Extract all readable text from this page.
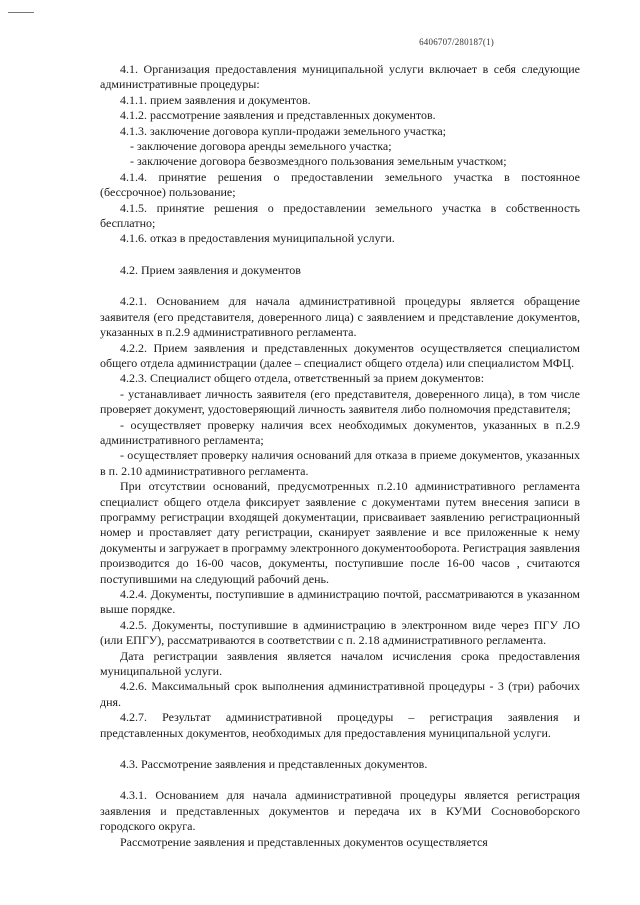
6406707/280187(1)

4.1. Организация предоставления муниципальной услуги включает в себя следующие административные процедуры:

4.1.1. прием заявления и документов.

4.1.2. рассмотрение заявления и представленных документов.

4.1.3. заключение договора купли-продажи земельного участка;

- заключение договора аренды земельного участка;

- заключение договора безвозмездного пользования земельным участком;

4.1.4. принятие решения о предоставлении земельного участка в постоянное (бессрочное) пользование;

4.1.5. принятие решения о предоставлении земельного участка в собственность бесплатно;

4.1.6. отказ в предоставления муниципальной услуги.

4.2. Прием заявления и документов

4.2.1. Основанием для начала административной процедуры является обращение заявителя (его представителя, доверенного лица) с заявлением и представление документов, указанных в п.2.9 административного регламента.

4.2.2. Прием заявления и представленных документов осуществляется специалистом общего отдела администрации (далее – специалист общего отдела) или специалистом МФЦ.

4.2.3. Специалист общего отдела, ответственный за прием документов:

- устанавливает личность заявителя (его представителя, доверенного лица), в том числе проверяет документ, удостоверяющий личность заявителя либо полномочия представителя;

- осуществляет проверку наличия всех необходимых документов, указанных в п.2.9 административного регламента;

- осуществляет проверку наличия оснований для отказа в приеме документов, указанных в п. 2.10 административного регламента.

При отсутствии оснований, предусмотренных п.2.10 административного регламента специалист общего отдела фиксирует заявление с документами путем внесения записи в программу регистрации входящей документации, присваивает заявлению регистрационный номер и проставляет дату регистрации, сканирует заявление и все приложенные к нему документы и загружает в программу электронного документооборота. Регистрация заявления производится до 16-00 часов, документы, поступившие после 16-00 часов , считаются поступившими на следующий рабочий день.

4.2.4. Документы, поступившие в администрацию почтой, рассматриваются в указанном выше порядке.

4.2.5. Документы, поступившие в администрацию в электронном виде через ПГУ ЛО (или ЕПГУ), рассматриваются в соответствии с п. 2.18 административного регламента.

Дата регистрации заявления является началом исчисления срока предоставления муниципальной услуги.

4.2.6. Максимальный срок выполнения административной процедуры - 3 (три) рабочих дня.

4.2.7. Результат административной процедуры – регистрация заявления и представленных документов, необходимых для предоставления муниципальной услуги.

4.3. Рассмотрение заявления и представленных документов.

4.3.1. Основанием для начала административной процедуры является регистрация заявления и представленных документов и передача их в КУМИ Сосновоборского городского округа.

Рассмотрение заявления и представленных документов осуществляется
